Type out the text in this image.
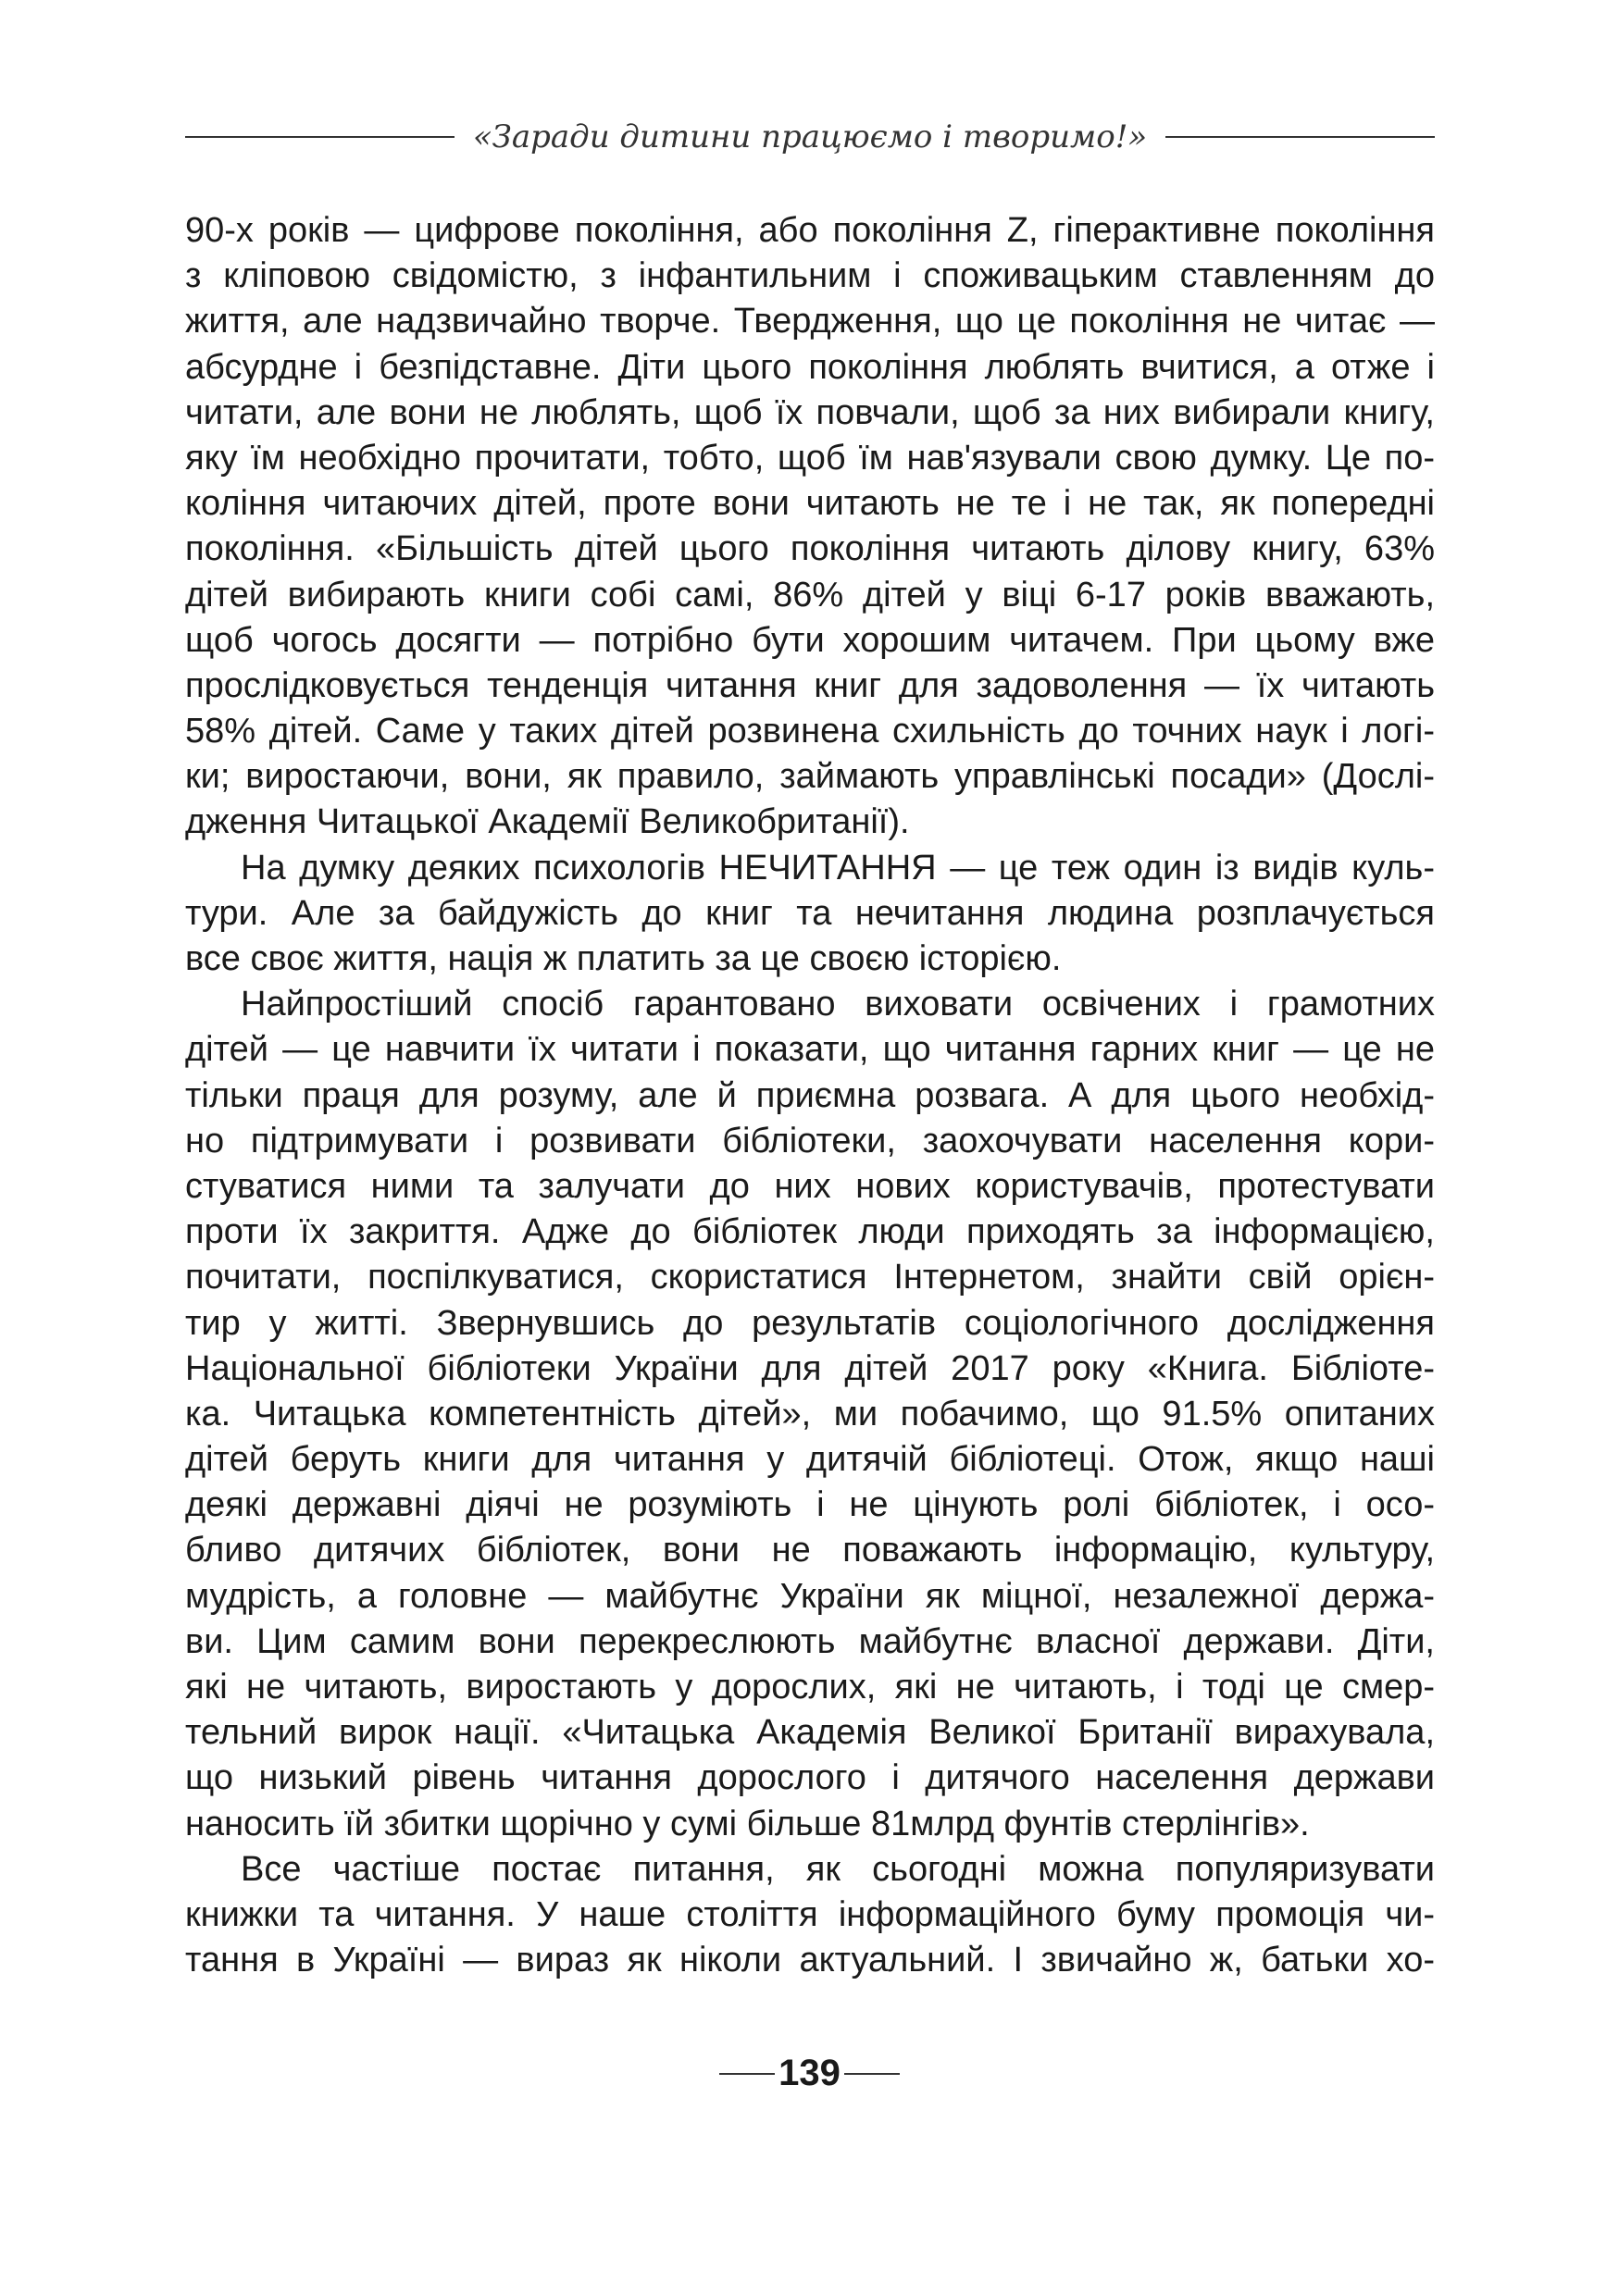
«Заради дитини працюємо і творимо!»
90-х років — цифрове покоління, або покоління Z, гіперактивне покоління
з кліповою свідомістю, з інфантильним і споживацьким ставленням до
життя, але надзвичайно творче. Твердження, що це покоління не читає —
абсурдне і безпідставне. Діти цього покоління люблять вчитися, а отже і
читати, але вони не люблять, щоб їх повчали, щоб за них вибирали книгу,
яку їм необхідно прочитати, тобто, щоб їм нав'язували свою думку. Це по-
коління читаючих дітей, проте вони читають не те і не так, як попередні
покоління. «Більшість дітей цього покоління читають ділову книгу, 63%
дітей вибирають книги собі самі, 86% дітей у віці 6-17 років вважають,
щоб чогось досягти — потрібно бути хорошим читачем. При цьому вже
прослідковується тенденція читання книг для задоволення — їх читають
58% дітей. Саме у таких дітей розвинена схильність до точних наук і логі-
ки; виростаючи, вони, як правило, займають управлінські посади» (Дослі-
дження Читацької Академії Великобританії).
На думку деяких психологів НЕЧИТАННЯ — це теж один із видів куль-
тури. Але за байдужість до книг та нечитання людина розплачується
все своє життя, нація ж платить за це своєю історією.
Найпростіший спосіб гарантовано виховати освічених і грамотних
дітей — це навчити їх читати і показати, що читання гарних книг — це не
тільки праця для розуму, але й приємна розвага. А для цього необхід-
но підтримувати і розвивати бібліотеки, заохочувати населення кори-
стуватися ними та залучати до них нових користувачів, протестувати
проти їх закриття. Адже до бібліотек люди приходять за інформацією,
почитати, поспілкуватися, скористатися Інтернетом, знайти свій орієн-
тир у житті. Звернувшись до результатів соціологічного дослідження
Національної бібліотеки України для дітей 2017 року «Книга. Бібліоте-
ка. Читацька компетентність дітей», ми побачимо, що 91.5% опитаних
дітей беруть книги для читання у дитячій бібліотеці. Отож, якщо наші
деякі державні діячі не розуміють і не цінують ролі бібліотек, і осо-
бливо дитячих бібліотек, вони не поважають інформацію, культуру,
мудрість, а головне — майбутнє України як міцної, незалежної держа-
ви. Цим самим вони перекреслюють майбутнє власної держави. Діти,
які не читають, виростають у дорослих, які не читають, і тоді це смер-
тельний вирок нації. «Читацька Академія Великої Британії вирахувала,
що низький рівень читання дорослого і дитячого населення держави
наносить їй збитки щорічно у сумі більше 81млрд фунтів стерлінгів».
Все частіше постає питання, як сьогодні можна популяризувати
книжки та читання. У наше століття інформаційного буму промоція чи-
тання в Україні — вираз як ніколи актуальний. І звичайно ж, батьки хо-
139
